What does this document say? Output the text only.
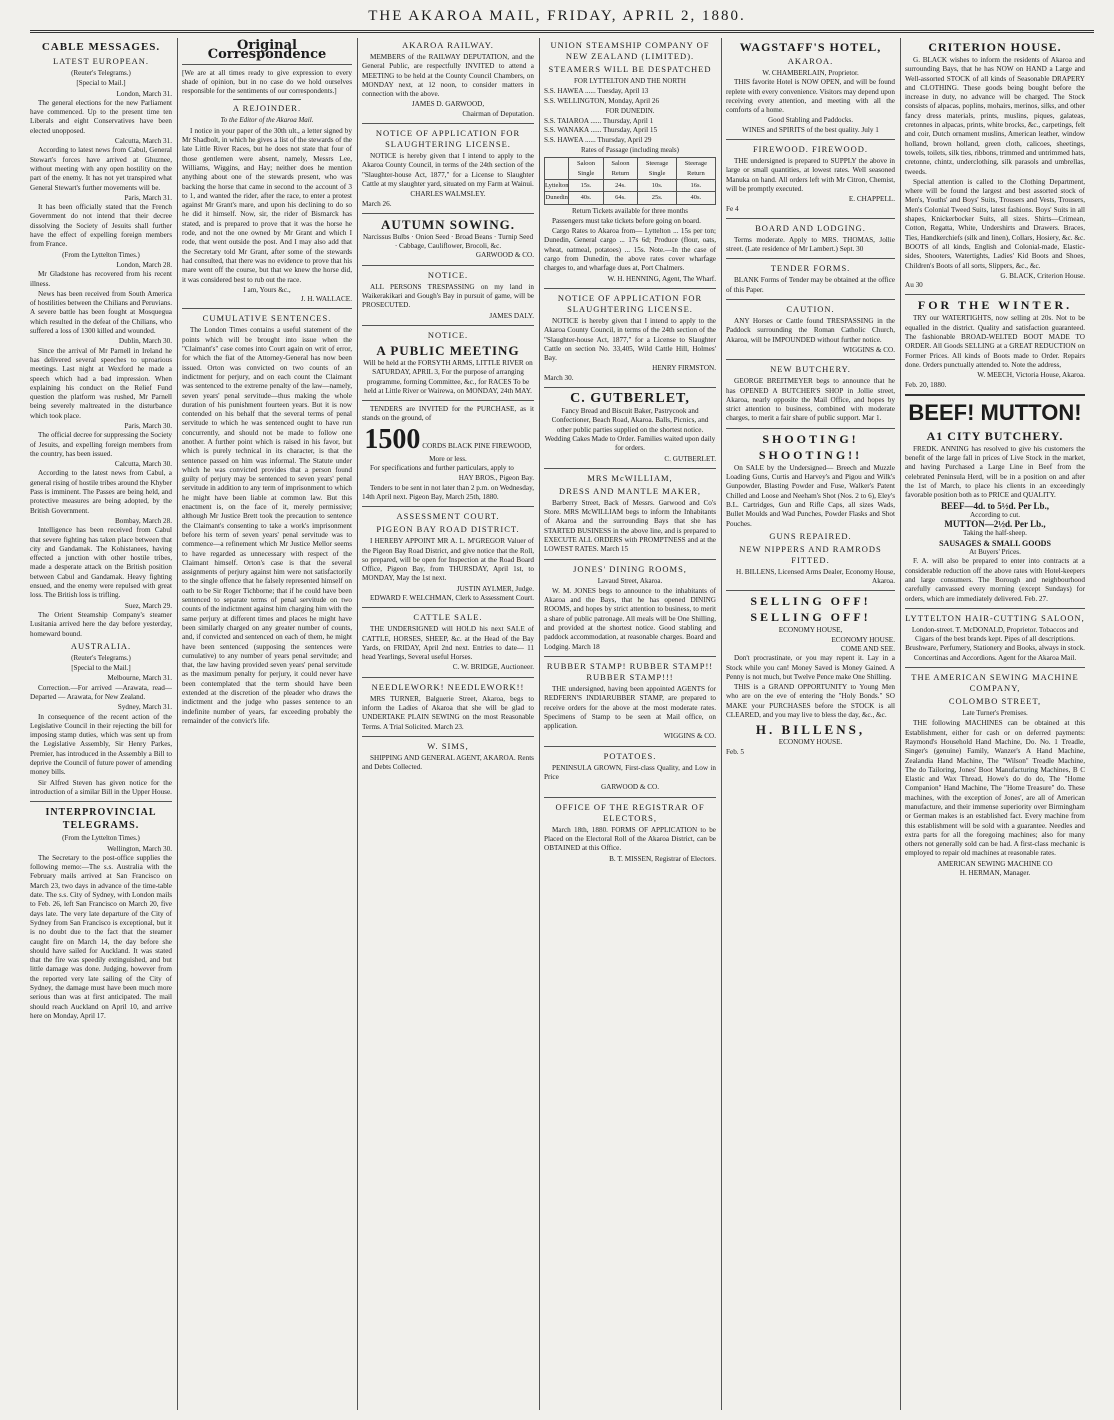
THE AKAROA MAIL, FRIDAY, APRIL 2, 1880.
CABLE MESSAGES.
LATEST EUROPEAN.
(Reuter's Telegrams.)
[Special to Mail.]
London, March 31.

The general elections for the new Parliament have commenced. Up to the present time ten Liberals and eight Conservatives have been elected unopposed.

Calcutta, March 31.

According to latest news from Cabul, General Stewart's forces have arrived at Ghuznee, without meeting with any open hostility on the part of the enemy. It has not yet transpired what General Stewart's further movements will be.

Paris, March 31.

It has been officially stated that the French Government do not intend that their decree dissolving the Society of Jesuits shall further have the effect of expelling foreign members from France.

(From the Lyttelton Times.)
London, March 28.

Mr Gladstone has recovered from his recent illness.

News has been received from South America of hostilities between the Chilians and Peruvians. A severe battle has been fought at Mosquegua which resulted in the defeat of the Chilians, who suffered a loss of 1300 killed and wounded.

Dublin, March 30.

Since the arrival of Mr Parnell in Ireland he has delivered several speeches to uproarious meetings. Last night at Wexford he made a speech which had a bad impression. When explaining his conduct on the Relief Fund question the platform was rushed, Mr Parnell being severely maltreated in the disturbance which took place.

Paris, March 30.

The official decree for suppressing the Society of Jesuits, and expelling foreign members from the country, has been issued.

Calcutta, March 30.

According to the latest news from Cabul, a general rising of hostile tribes around the Khyber Pass is imminent. The Passes are being held, and protective measures are being adopted, by the British Government.

Bombay, March 28.

Intelligence has been received from Cabul that severe fighting has taken place between that city and Gandamak. The Kohistanees, having effected a junction with other hostile tribes, made a desperate attack on the British position between Cabul and Gandamak. Heavy fighting ensued, and the enemy were repulsed with great loss. The British loss is trifling.

Suez, March 29.

The Orient Steamship Company's steamer Lusitania arrived here the day before yesterday, homeward bound.

AUSTRALIA.
(Reuter's Telegrams.)
[Special to the Mail.]
Melbourne, March 31.

Correction.—For arrived —Arawata, read— Departed — Arawata, for New Zealand.

Sydney, March 31.

In consequence of the recent action of the Legislative Council in their rejecting the bill for imposing stamp duties, which was sent up from the Legislative Assembly, Sir Henry Parkes, Premier, has introduced in the Assembly a Bill to deprive the Council of future power of amending money bills.

Sir Alfred Steven has given notice for the introduction of a similar Bill in the Upper House.

INTERPROVINCIAL TELEGRAMS.
(From the Lyttelton Times.)
Wellington, March 30.

The Secretary to the post-office supplies the following memo:—The s.s. Australia with the February mails arrived at San Francisco on March 23, two days in advance of the time-table date. The s.s. City of Sydney, with London mails to Feb. 26, left San Francisco on March 20, five days late. The very late departure of the City of Sydney from San Francisco is exceptional, but it is no doubt due to the fact that the steamer caught fire on March 14, the day before she should have sailed for Auckland. It was stated that the fire was speedily extinguished, and but little damage was done. Judging, however from the reported very late sailing of the City of Sydney, the damage must have been much more serious than was at first anticipated. The mail should reach Auckland on April 10, and arrive here on Monday, April 17.

Original Correspondence

[We are at all times ready to give expression to every shade of opinion, but in no case do we hold ourselves responsible for the sentiments of our correspondents.]

A REJOINDER.
To the Editor of the Akaroa Mail.

I notice in your paper of the 30th ult., a letter signed by Mr Shadbolt, in which he gives a list of the stewards of the late Little River Races, but he does not state that four of those gentlemen were absent, namely, Messrs Lee, Williams, Wiggins, and Hay; neither does he mention anything about one of the stewards present, who was backing the horse that came in second to the account of 3 to 1, and wanted the rider, after the race, to enter a protest against Mr Grant's mare, and upon his declining to do so he did it himself. Now, sir, the rider of Bismarck has stated, and is prepared to prove that it was the horse he rode, and not the one owned by Mr Grant and which I rode, that went outside the post. And I may also add that the Secretary told Mr Grant, after some of the stewards had consulted, that there was no evidence to prove that his mare went off the course, but that we knew the horse did, it was considered best to rub out the race.

I am, Yours &c.,
J. H. WALLACE.
CUMULATIVE SENTENCES.

The London Times contains a useful statement of the points which will be brought into issue when the "Claimant's" case comes into Court again on writ of error, for which the fiat of the Attorney-General has now been issued. Orton was convicted on two counts of an indictment for perjury, and on each count the Claimant was sentenced to the extreme penalty of the law—namely, seven years' penal servitude—thus making the whole duration of his punishment fourteen years. But it is now contended on his behalf that the several terms of penal servitude to which he was sentenced ought to have run concurrently, and should not be made to follow one another. A further point which is raised in his favor, but which is purely technical in its character, is that the sentence passed on him was informal. The Statute under which he was convicted provides that a person found guilty of perjury may be sentenced to seven years' penal servitude in addition to any term of imprisonment to which he might have been liable at common law. But this enactment is, on the face of it, merely permissive; although Mr Justice Brett took the precaution to sentence the Claimant's consenting to take a work's imprisonment before his term of seven years' penal servitude was to commence—a refinement which Mr Justice Mellor seems to have regarded as unnecessary with respect of the Claimant himself. Orton's case is that the several assignments of perjury against him were not satisfactorily to the single offence that he falsely represented himself on oath to be Sir Roger Tichborne; that if he could have been sentenced to separate terms of penal servitude on two counts of the indictment against him charging him with the same perjury at different times and places he might have been similarly charged on any greater number of counts, and, if convicted and sentenced on each of them, he might have been sentenced (supposing the sentences were cumulative) to any number of years penal servitude; and that, the law having provided seven years' penal servitude as the maximum penalty for perjury, it could never have been contemplated that the term should have been extended at the discretion of the pleader who draws the indictment and the judge who passes sentence to an indefinite number of years, far exceeding probably the remainder of the convict's life.

AKAROA RAILWAY.

MEMBERS of the RAILWAY DEPUTATION, and the General Public, are respectfully INVITED to attend a MEETING to be held at the County Council Chambers, on MONDAY next, at 12 noon, to consider matters in connection with the above.

JAMES D. GARWOOD,
Chairman of Deputation.
NOTICE OF APPLICATION FOR SLAUGHTERING LICENSE.

NOTICE is hereby given that I intend to apply to the Akaroa County Council, in terms of the 24th section of the "Slaughter-house Act, 1877," for a License to Slaughter Cattle at my slaughter yard, situated on my Farm at Wainui.

CHARLES WALMSLEY.
March 26.
AUTUMN SOWING.
Narcissus Bulbs · Onion Seed · Broad Beans · Turnip Seed · Cabbage, Cauliflower, Brocoli, &c.
GARWOOD & CO.
NOTICE.

ALL PERSONS TRESPASSING on my land in Waikerakikari and Gough's Bay in pursuit of game, will be PROSECUTED.

JAMES DALY.
NOTICE.
A PUBLIC MEETING

Will be held at the FORSYTH ARMS, LITTLE RIVER on SATURDAY, APRIL 3, For the purpose of arranging programme, forming Committee, &c., for RACES To be held at Little River or Wairewa, on MONDAY, 24th MAY.

TENDERS are INVITED for the PURCHASE, as it stands on the ground, of

1500 CORDS BLACK PINE FIREWOOD, More or less.

For specifications and further particulars, apply to

HAY BROS., Pigeon Bay.

Tenders to be sent in not later than 2 p.m. on Wednesday, 14th April next. Pigeon Bay, March 25th, 1880.

ASSESSMENT COURT.
PIGEON BAY ROAD DISTRICT.

I HEREBY APPOINT MR A. L. M'GREGOR Valuer of the Pigeon Bay Road District, and give notice that the Roll, so prepared, will be open for Inspection at the Road Board Office, Pigeon Bay, from THURSDAY, April 1st, to MONDAY, May the 1st next.

JUSTIN AYLMER, Judge.
EDWARD F. WELCHMAN, Clerk to Assessment Court.
CATTLE SALE.

THE UNDERSIGNED will HOLD his next SALE of CATTLE, HORSES, SHEEP, &c. at the Head of the Bay Yards, on FRIDAY, April 2nd next. Entries to date— 11 head Yearlings, Several useful Horses.

C. W. BRIDGE, Auctioneer.
NEEDLEWORK! NEEDLEWORK!!

MRS TURNER, Balguerie Street, Akaroa, begs to inform the Ladies of Akaroa that she will be glad to UNDERTAKE PLAIN SEWING on the most Reasonable Terms. A Trial Solicited. March 23.

W. SIMS,

SHIPPING AND GENERAL AGENT, AKAROA. Rents and Debts Collected.

UNION STEAMSHIP COMPANY OF NEW ZEALAND (LIMITED).
STEAMERS WILL BE DESPATCHED
FOR LYTTELTON AND THE NORTH
S.S. HAWEA ...... Tuesday, April 13
S.S. WELLINGTON, Monday, April 26
FOR DUNEDIN.
S.S. TAIAROA ...... Thursday, April 1
S.S. WANAKA ...... Thursday, April 15
S.S. HAWEA ...... Thursday, April 29
Rates of Passage (including meals)
	Saloon Single	Saloon Return	Steerage Single	Steerage Return
Lyttelton	15s.	24s.	10s.	16s.
Dunedin	40s.	64s.	25s.	40s.
Return Tickets available for three months

Passengers must take tickets before going on board.

Cargo Rates to Akaroa from— Lyttelton ... 15s per ton; Dunedin, General cargo ... 17s 6d; Produce (flour, oats, wheat, oatmeal, potatoes) ... 15s. Note.—In the case of cargo from Dunedin, the above rates cover wharfage charges to, and wharfage dues at, Port Chalmers.

W. H. HENNING, Agent, The Wharf.
NOTICE OF APPLICATION FOR SLAUGHTERING LICENSE.

NOTICE is hereby given that I intend to apply to the Akaroa County Council, in terms of the 24th section of the "Slaughter-house Act, 1877," for a License to Slaughter Cattle on section No. 33,405, Wild Cattle Hill, Holmes' Bay.

HENRY FIRMSTON.
March 30.
C. GUTBERLET,

Fancy Bread and Biscuit Baker, Pastrycook and Confectioner, Beach Road, Akaroa. Balls, Picnics, and other public parties supplied on the shortest notice. Wedding Cakes Made to Order. Families waited upon daily for orders.

C. GUTBERLET.
MRS McWILLIAM,
DRESS AND MANTLE MAKER,

Barberry Street, Back of Messrs. Garwood and Co's Store. MRS McWILLIAM begs to inform the Inhabitants of Akaroa and the surrounding Bays that she has STARTED BUSINESS in the above line, and is prepared to EXECUTE ALL ORDERS with PROMPTNESS and at the LOWEST RATES. March 15

JONES' DINING ROOMS,
Lavaud Street, Akaroa.

W. M. JONES begs to announce to the inhabitants of Akaroa and the Bays, that he has opened DINING ROOMS, and hopes by strict attention to business, to merit a share of public patronage. All meals will be One Shilling, and provided at the shortest notice. Good stabling and paddock accommodation, at reasonable charges. Board and Lodging. March 18

RUBBER STAMP! RUBBER STAMP!! RUBBER STAMP!!!

THE undersigned, having been appointed AGENTS for REDFERN'S INDIARUBBER STAMP, are prepared to receive orders for the above at the most moderate rates. Specimens of Stamp to be seen at Mail office, on application.

WIGGINS & CO.
POTATOES.

PENINSULA GROWN, First-class Quality, and Low in Price

GARWOOD & CO.
OFFICE OF THE REGISTRAR OF ELECTORS,

March 18th, 1880. FORMS OF APPLICATION to be Placed on the Electoral Roll of the Akaroa District, can be OBTAINED at this Office.

B. T. MISSEN, Registrar of Electors.
WAGSTAFF'S HOTEL,
AKAROA.
W. CHAMBERLAIN, Proprietor.

THIS favorite Hotel is NOW OPEN, and will be found replete with every convenience. Visitors may depend upon receiving every attention, and meeting with all the comforts of a home.

Good Stabling and Paddocks.
WINES and SPIRITS of the best quality. July 1
FIREWOOD. FIREWOOD.

THE undersigned is prepared to SUPPLY the above in large or small quantities, at lowest rates. Well seasoned Manuka on hand. All orders left with Mr Citron, Chemist, will be promptly executed.

E. CHAPPELL.
Fe 4
BOARD AND LODGING.

Terms moderate. Apply to MRS. THOMAS, Jollie street. (Late residence of Mr Lambert.) Sept. 30

TENDER FORMS.

BLANK Forms of Tender may be obtained at the office of this Paper.

CAUTION.

ANY Horses or Cattle found TRESPASSING in the Paddock surrounding the Roman Catholic Church, Akaroa, will be IMPOUNDED without further notice.

WIGGINS & CO.
NEW BUTCHERY.

GEORGE BREITMEYER begs to announce that he has OPENED A BUTCHER'S SHOP in Jollie street, Akaroa, nearly opposite the Mail Office, and hopes by strict attention to business, combined with moderate charges, to merit a fair share of public support. Mar 1.

SHOOTING!
SHOOTING!!

On SALE by the Undersigned— Breech and Muzzle Loading Guns, Curtis and Harvey's and Pigou and Wilk's Gunpowder, Blasting Powder and Fuse, Walker's Patent Chilled and Loose and Neeham's Shot (Nos. 2 to 6), Eley's B.L. Cartridges, Gun and Rifle Caps, all sizes Wads, Bullet Moulds and Wad Punches, Powder Flasks and Shot Pouches.

GUNS REPAIRED.
NEW NIPPERS AND RAMRODS FITTED.
H. BILLENS, Licensed Arms Dealer, Economy House, Akaroa.
SELLING OFF!
SELLING OFF!
ECONOMY HOUSE,
ECONOMY HOUSE.
COME AND SEE.

Don't procrastinate, or you may repent it. Lay in a Stock while you can! Money Saved is Money Gained. A Penny is not much, but Twelve Pence make One Shilling.

THIS is a GRAND OPPORTUNITY to Young Men who are on the eve of entering the "Holy Bonds." SO MAKE your PURCHASES before the STOCK is all CLEARED, and you may live to bless the day, &c., &c.

H. BILLENS,
ECONOMY HOUSE.
Feb. 5
CRITERION HOUSE.

G. BLACK wishes to inform the residents of Akaroa and surrounding Bays, that he has NOW on HAND a Large and Well-assorted STOCK of all kinds of Seasonable DRAPERY and CLOTHING. These goods being bought before the increase in duty, no advance will be charged. The Stock consists of alpacas, poplins, mohairs, merinos, silks, and other fancy dress materials, prints, muslins, piques, galateas, cretonnes in alpacas, prints, white brocks, &c., carpetings, felt and coir, Dutch ornament muslins, American leather, window holland, brown holland, green cloth, calicoes, sheetings, towels, toilets, silk ties, ribbons, trimmed and untrimmed hats, cretonne, chintz, underclothing, silk parasols and umbrellas, tweeds.

Special attention is called to the Clothing Department, where will be found the largest and best assorted stock of Men's, Youths' and Boys' Suits, Trousers and Vests, Trousers, Men's Colonial Tweed Suits, latest fashions. Boys' Suits in all shapes, Knickerbocker Suits, all sizes. Shirts—Crimean, Cotton, Regatta, White, Undershirts and Drawers. Braces, Ties, Handkerchiefs (silk and linen), Collars, Hosiery, &c. &c. BOOTS of all kinds, English and Colonial-made, Elastic-sides, Shooters, Watertights, Ladies' Kid Boots and Shoes, Children's Boots of all sorts, Slippers, &c., &c.

G. BLACK, Criterion House.
Au 30
FOR THE WINTER.

TRY our WATERTIGHTS, now selling at 20s. Not to be equalled in the district. Quality and satisfaction guaranteed. The fashionable BROAD-WELTED BOOT MADE TO ORDER. All Goods SELLING at a GREAT REDUCTION on Former Prices. All kinds of Boots made to Order. Repairs done. Orders punctually attended to. Note the address,

W. MEECH, Victoria House, Akaroa.
Feb. 20, 1880.
BEEF! MUTTON!
A1 CITY BUTCHERY.

FREDK. ANNING has resolved to give his customers the benefit of the large fall in prices of Live Stock in the market, and having Purchased a Large Line in Beef from the celebrated Peninsula Herd, will be in a position on and after the 1st of March, to place his clients in an exceedingly favorable position both as to PRICE and QUALITY.

BEEF—4d. to 5½d. Per Lb.,
According to cut.
MUTTON—2½d. Per Lb.,
Taking the half-sheep.
SAUSAGES & SMALL GOODS
At Buyers' Prices.

F. A. will also be prepared to enter into contracts at a considerable reduction off the above rates with Hotel-keepers and large consumers. The Borough and neighbourhood carefully canvassed every morning (except Sundays) for orders, which are immediately delivered. Feb. 27.

LYTTELTON HAIR-CUTTING SALOON,

London-street. T. McDONALD, Proprietor. Tobaccos and Cigars of the best brands kept. Pipes of all descriptions. Brushware, Perfumery, Stationery and Books, always in stock. Concertinas and Accordions. Agent for the Akaroa Mail.

THE AMERICAN SEWING MACHINE COMPANY,
COLOMBO STREET,
Late Turner's Premises.

THE following MACHINES can be obtained at this Establishment, either for cash or on deferred payments: Raymond's Household Hand Machine, Do. No. 1 Treadle, Singer's (genuine) Family, Wanzer's A Hand Machine, Zealandia Hand Machine, The "Wilson" Treadle Machine, The do Tailoring, Jones' Boot Manufacturing Machines, B C Elastic and Wax Thread, Howe's do do do, The "Home Companion" Hand Machine, The "Home Treasure" do. These machines, with the exception of Jones', are all of American manufacture, and their immense superiority over Birmingham or German makes is an established fact. Every machine from this establishment will be sold with a guarantee. Needles and extra parts for all the foregoing machines; also for many others not generally sold can be had. A first-class mechanic is employed to repair old machines at reasonable rates.

AMERICAN SEWING MACHINE CO
H. HERMAN, Manager.
